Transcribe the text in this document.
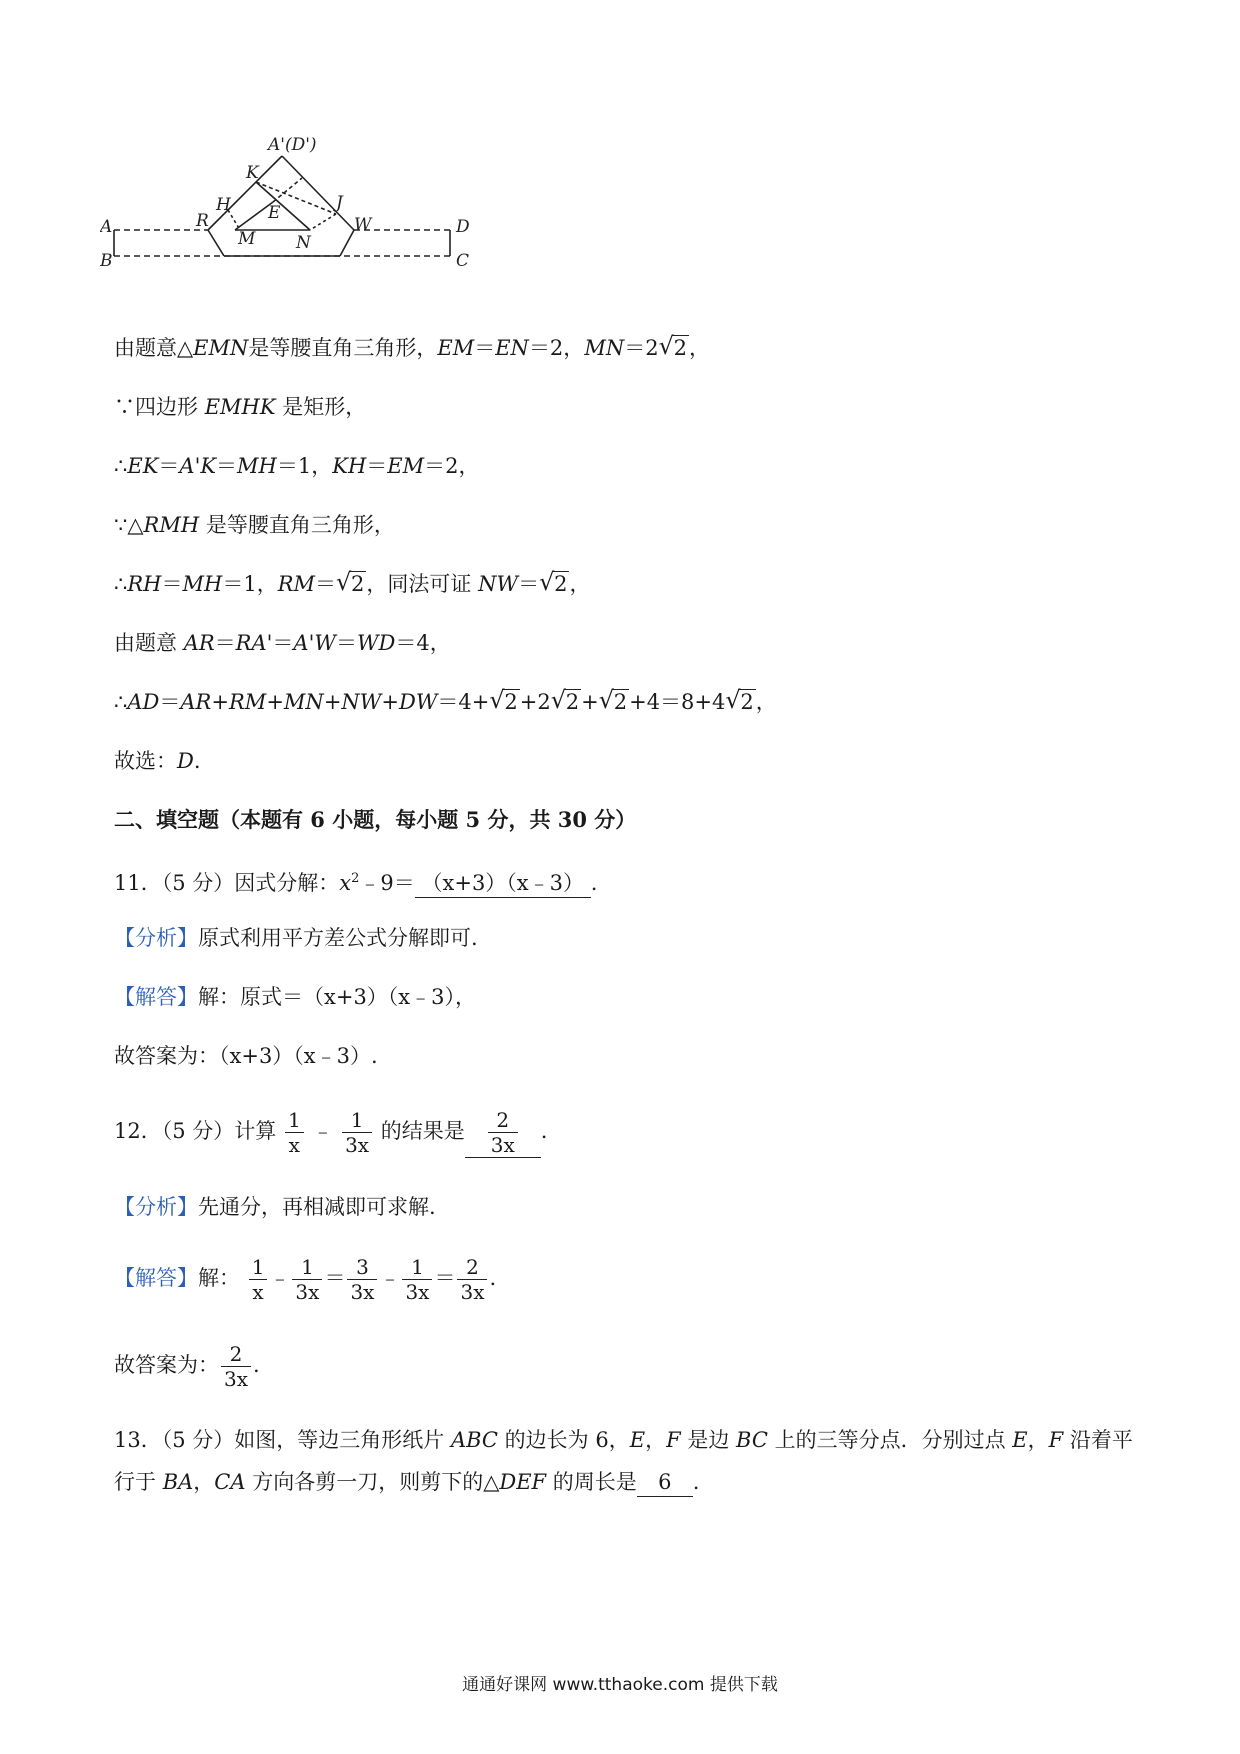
A'(D')
K
H E	J
R	W
M N
A
B
D
C
由题意△EMN是等腰直角三角形，EM＝EN＝2，MN＝2 √ 2，
∵四边形 EMHK 是矩形，
∴EK＝A'K＝MH＝1，KH＝EM＝2，
∵△RMH 是等腰直角三角形，
∴RH＝MH＝1，RM＝ √ 2，同法可证 NW＝ √ 2，
由题意 AR＝RA'＝A'W＝WD＝4，
∴AD＝AR+RM+MN+NW+DW＝4+ √ 2+2 √ 2+ √ 2+4＝8+4 √ 2，
故选：D.
二、填空题（本题有 6 小题，每小题 5 分，共 30 分）
11．（5 分）因式分解：$x^2﹣9=$ （x+3）（x﹣3） .
【分析】原式利用平方差公式分解即可.
【解答】解：原式＝（x+3）（x﹣3），
故答案为：（x+3）（x﹣3）.
12．（5 分）计算 $\frac{1}{x}$ ﹣ $\frac{1}{3x}$ 的结果是 $\frac{2}{3x}$ .
【分析】先通分，再相减即可求解.
【解答】解： $\frac{1}{x}$ ﹣ $\frac{1}{3x} = \frac{3}{3x}$ ﹣ $\frac{1}{3x} = \frac{2}{3x}$ .
故答案为： $\frac{2}{3x}$ .
13．（5 分）如图，等边三角形纸片 ABC 的边长为 6，E，F 是边 BC 上的三等分点．分别过点 E，F 沿着平
行于 BA，CA 方向各剪一刀，则剪下的△DEF 的周长是 6 .
通通好课网 www.tthaoke.com 提供下载
